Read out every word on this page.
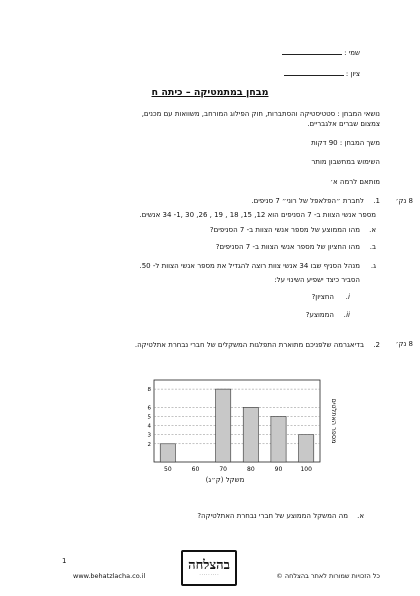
שמי :
ציון :
מבחן במתמטיקה – כיתה ח
נושאי המבחן : סטטיסטיקה והסתברות, חוק הפילוג המורחב, משוואות עם מכנים,
צמצום שברים אלגבריים.
משך המבחן : 90 דקות
השימוש במחשבון מותר
מותאם לרמה א׳
8 נק׳
1.
לחברת ״הפלאפל של רוני״ 7 סניפים.
מספר אנשי הצוות ב- 7 הסניפים הוא 12, 15, 18 , 19 , 26, 30 ,1- 34 אנשים.
א.
מהו הממוצע של מספר אנשי הצוות ב- 7 הסניפים?
ב.
מהו החציון של מספר אנשי הצוות ב- 7 הסניפים?
ג.
מנהל הסניף שבו 34 אנשי צוות רוצה להגדיל את מספר אנשי הצוות ל- 50.
הסביר כיצד ישפיע השינוי על:
i.
החציון?
ii.
הממוצע?
8 נק׳
2.
בדיאגרמה שלפניכם מתוארת התפלגות המשקלים של חברי נבחרת אתלטיקה.
2
3
4
5
6
8
50	60	70	80	90	100
מספר האתלטים
משקל (ק״ג)
א.
מה המשקל הממוצע של חברי נבחרת האתלטיקה?
1
www.behatzlacha.co.il
בהצלחה
· · · · · · · · ·	כל הזכויות שמורות לאתר בהצלחה ©
